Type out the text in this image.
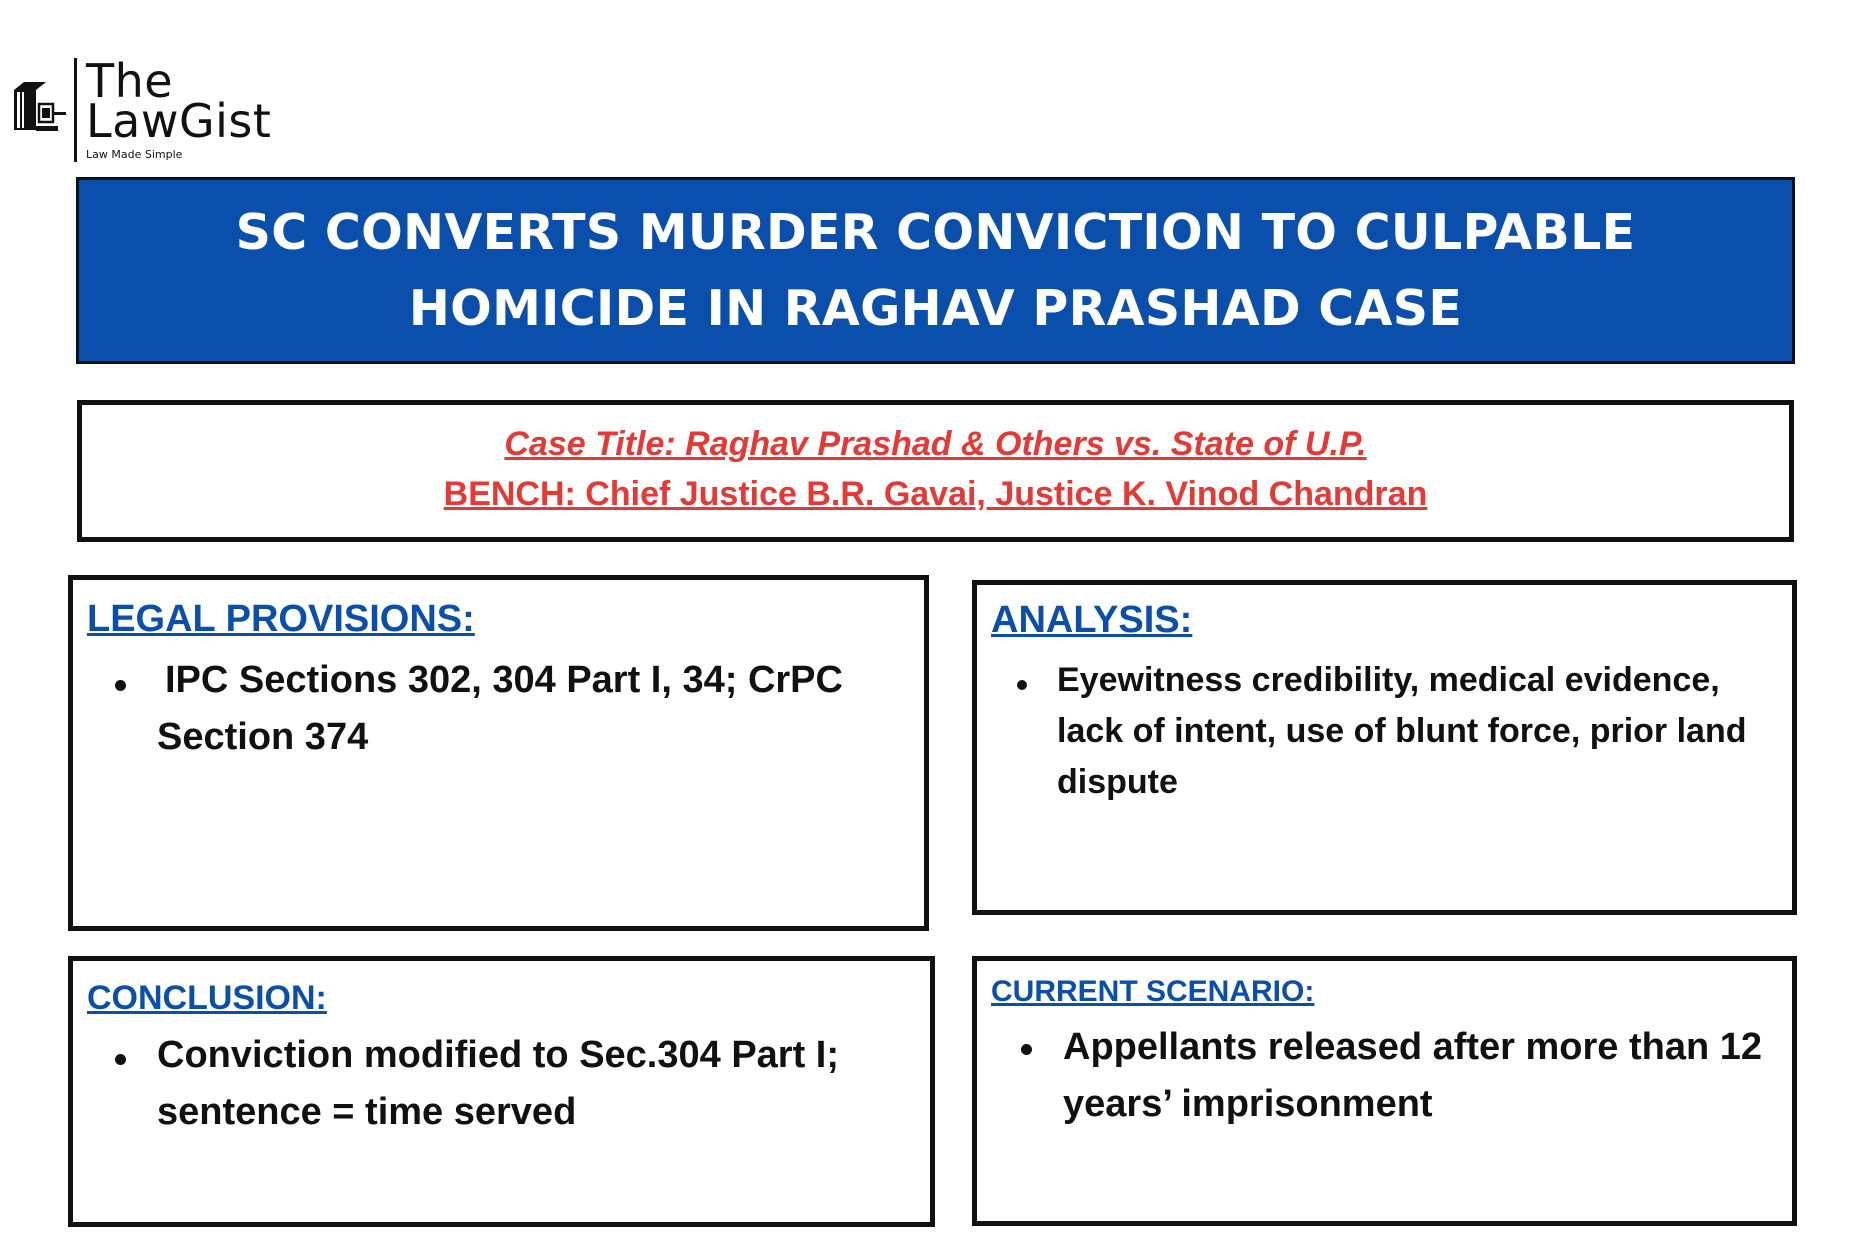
The
LawGist
Law Made Simple
SC CONVERTS MURDER CONVICTION TO CULPABLE HOMICIDE IN RAGHAV PRASHAD CASE
Case Title: Raghav Prashad & Others vs. State of U.P.
BENCH: Chief Justice B.R. Gavai, Justice K. Vinod Chandran
LEGAL PROVISIONS:
IPC Sections 302, 304 Part I, 34; CrPC Section 374
ANALYSIS:
Eyewitness credibility, medical evidence, lack of intent, use of blunt force, prior land dispute
CONCLUSION:
Conviction modified to Sec.304 Part I; sentence = time served
CURRENT SCENARIO:
Appellants released after more than 12 years’ imprisonment
